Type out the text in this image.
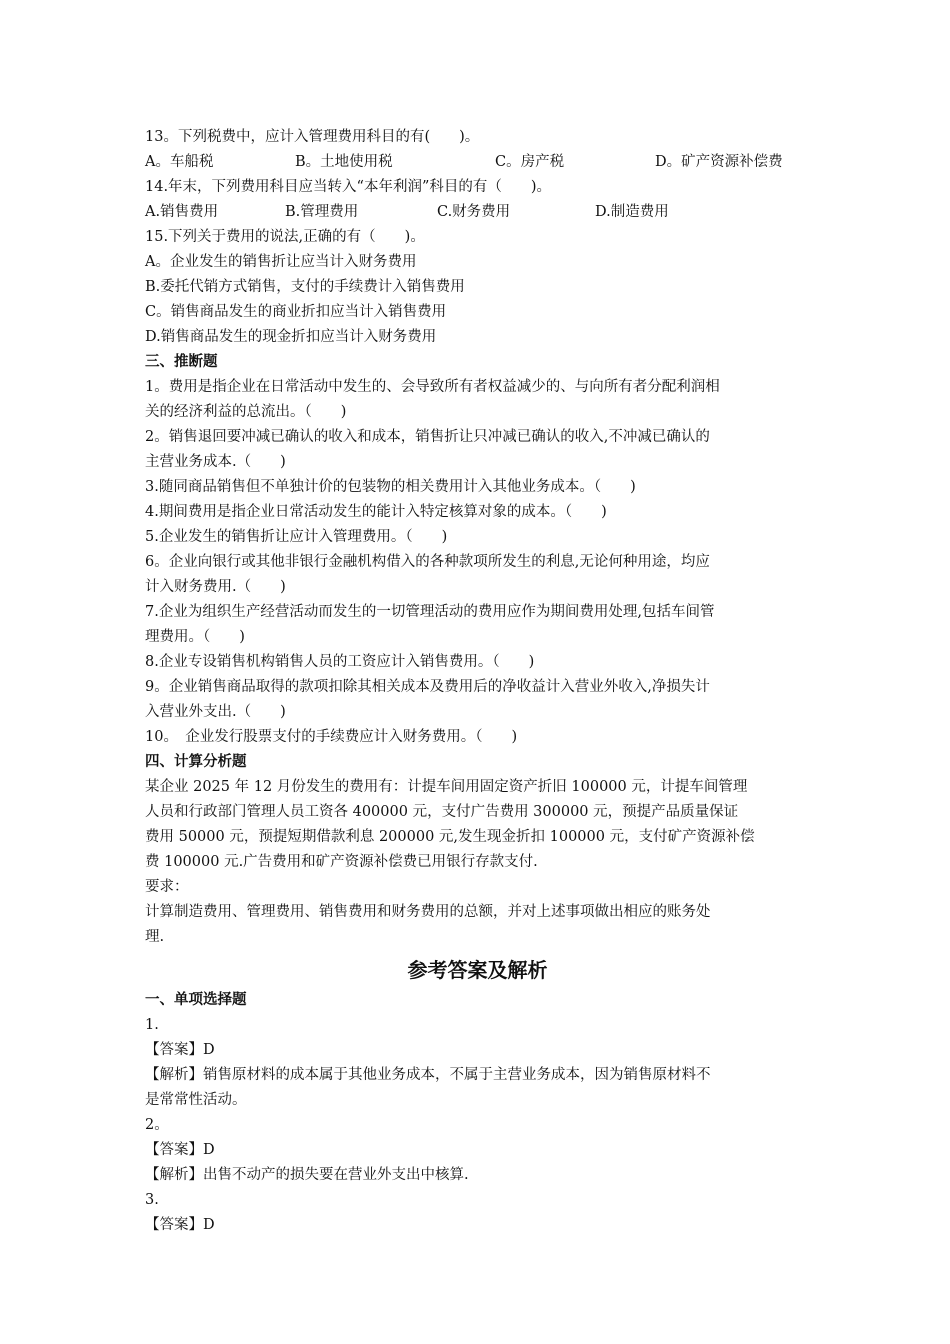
13。下列税费中，应计入管理费用科目的有(　　)。
A。车船税	B。土地使用税	C。房产税	D。矿产资源补偿费
14.年末，下列费用科目应当转入“本年利润”科目的有（　　)。
A.销售费用	B.管理费用	C.财务费用	D.制造费用
15.下列关于费用的说法,正确的有（　　)。
A。企业发生的销售折让应当计入财务费用
B.委托代销方式销售，支付的手续费计入销售费用
C。销售商品发生的商业折扣应当计入销售费用
D.销售商品发生的现金折扣应当计入财务费用
三、推断题
1。费用是指企业在日常活动中发生的、会导致所有者权益减少的、与向所有者分配利润相
关的经济利益的总流出。（　　)
2。销售退回要冲减已确认的收入和成本，销售折让只冲减已确认的收入,不冲减已确认的
主营业务成本.（　　)
3.随同商品销售但不单独计价的包装物的相关费用计入其他业务成本。（　　)
4.期间费用是指企业日常活动发生的能计入特定核算对象的成本。（　　)
5.企业发生的销售折让应计入管理费用。（　　)
6。企业向银行或其他非银行金融机构借入的各种款项所发生的利息,无论何种用途，均应
计入财务费用.（　　)
7.企业为组织生产经营活动而发生的一切管理活动的费用应作为期间费用处理,包括车间管
理费用。（　　)
8.企业专设销售机构销售人员的工资应计入销售费用。（　　)
9。企业销售商品取得的款项扣除其相关成本及费用后的净收益计入营业外收入,净损失计
入营业外支出.（　　)
10。　企业发行股票支付的手续费应计入财务费用。（　　)
四、计算分析题
某企业 2025 年 12 月份发生的费用有：计提车间用固定资产折旧 100000 元，计提车间管理
人员和行政部门管理人员工资各 400000 元，支付广告费用 300000 元，预提产品质量保证
费用 50000 元，预提短期借款利息 200000 元,发生现金折扣 100000 元，支付矿产资源补偿
费 100000 元.广告费用和矿产资源补偿费已用银行存款支付.
要求：
计算制造费用、管理费用、销售费用和财务费用的总额，并对上述事项做出相应的账务处
理.
参考答案及解析
一、单项选择题
1.
【答案】D
【解析】销售原材料的成本属于其他业务成本，不属于主营业务成本，因为销售原材料不
是常常性活动。
2。
【答案】D
【解析】出售不动产的损失要在营业外支出中核算.
3.
【答案】D
